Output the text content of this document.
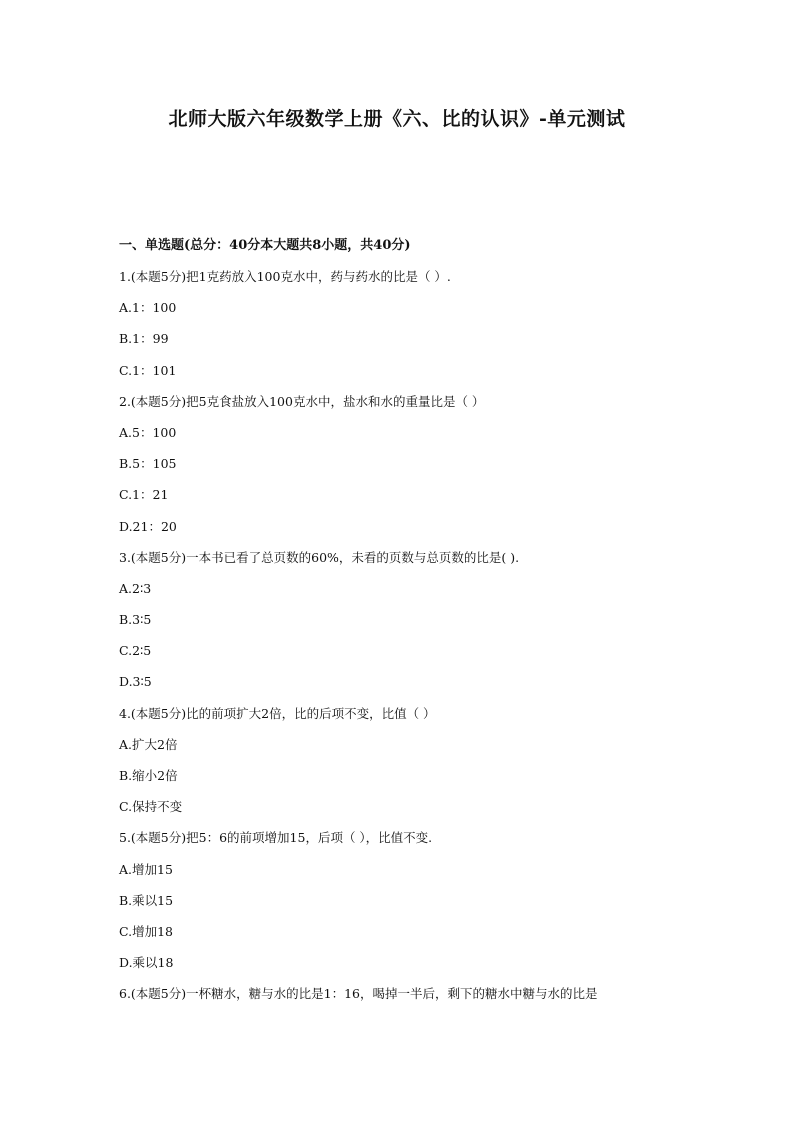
北师大版六年级数学上册《六、比的认识》-单元测试
一、单选题(总分：40分本大题共8小题，共40分)
1.(本题5分)把1克药放入100克水中，药与药水的比是（ ）.
A.1：100
B.1：99
C.1：101
2.(本题5分)把5克食盐放入100克水中，盐水和水的重量比是（ ）
A.5：100
B.5：105
C.1：21
D.21：20
3.(本题5分)一本书已看了总页数的60%，未看的页数与总页数的比是( ).
A.2∶3
B.3∶5
C.2∶5
D.3∶5
4.(本题5分)比的前项扩大2倍，比的后项不变，比值（ ）
A.扩大2倍
B.缩小2倍
C.保持不变
5.(本题5分)把5：6的前项增加15，后项（ ），比值不变.
A.增加15
B.乘以15
C.增加18
D.乘以18
6.(本题5分)一杯糖水，糖与水的比是1：16，喝掉一半后，剩下的糖水中糖与水的比是
